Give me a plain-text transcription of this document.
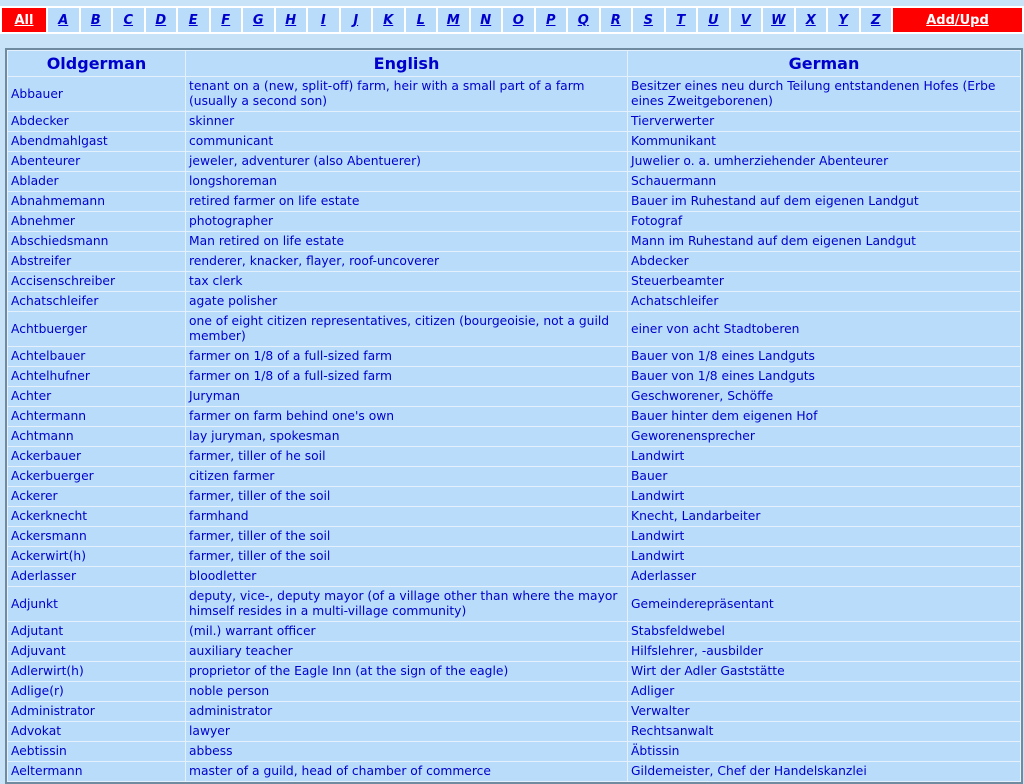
All	A	B	C	D	E	F	G	H	I	J	K	L	M	N	O	P	Q	R	S	T	U	V	W	X	Y	Z	Add/Upd
Oldgerman	English	German
Abbauer	tenant on a (new, split-off) farm, heir with a small part of a farm (usually a second son)	Besitzer eines neu durch Teilung entstandenen Hofes (Erbe eines Zweitgeborenen)
Abdecker	skinner	Tierverwerter
Abendmahlgast	communicant	Kommunikant
Abenteurer	jeweler, adventurer (also Abentuerer)	Juwelier o. a. umherziehender Abenteurer
Ablader	longshoreman	Schauermann
Abnahmemann	retired farmer on life estate	Bauer im Ruhestand auf dem eigenen Landgut
Abnehmer	photographer	Fotograf
Abschiedsmann	Man retired on life estate	Mann im Ruhestand auf dem eigenen Landgut
Abstreifer	renderer, knacker, flayer, roof-uncoverer	Abdecker
Accisenschreiber	tax clerk	Steuerbeamter
Achatschleifer	agate polisher	Achatschleifer
Achtbuerger	one of eight citizen representatives, citizen (bourgeoisie, not a guild member)	einer von acht Stadtoberen
Achtelbauer	farmer on 1/8 of a full-sized farm	Bauer von 1/8 eines Landguts
Achtelhufner	farmer on 1/8 of a full-sized farm	Bauer von 1/8 eines Landguts
Achter	Juryman	Geschworener, Schöffe
Achtermann	farmer on farm behind one's own	Bauer hinter dem eigenen Hof
Achtmann	lay juryman, spokesman	Geworenensprecher
Ackerbauer	farmer, tiller of he soil	Landwirt
Ackerbuerger	citizen farmer	Bauer
Ackerer	farmer, tiller of the soil	Landwirt
Ackerknecht	farmhand	Knecht, Landarbeiter
Ackersmann	farmer, tiller of the soil	Landwirt
Ackerwirt(h)	farmer, tiller of the soil	Landwirt
Aderlasser	bloodletter	Aderlasser
Adjunkt	deputy, vice-, deputy mayor (of a village other than where the mayor himself resides in a multi-village community)	Gemeinderepräsentant
Adjutant	(mil.) warrant officer	Stabsfeldwebel
Adjuvant	auxiliary teacher	Hilfslehrer, -ausbilder
Adlerwirt(h)	proprietor of the Eagle Inn (at the sign of the eagle)	Wirt der Adler Gaststätte
Adlige(r)	noble person	Adliger
Administrator	administrator	Verwalter
Advokat	lawyer	Rechtsanwalt
Aebtissin	abbess	Äbtissin
Aeltermann	master of a guild, head of chamber of commerce	Gildemeister, Chef der Handelskanzlei
